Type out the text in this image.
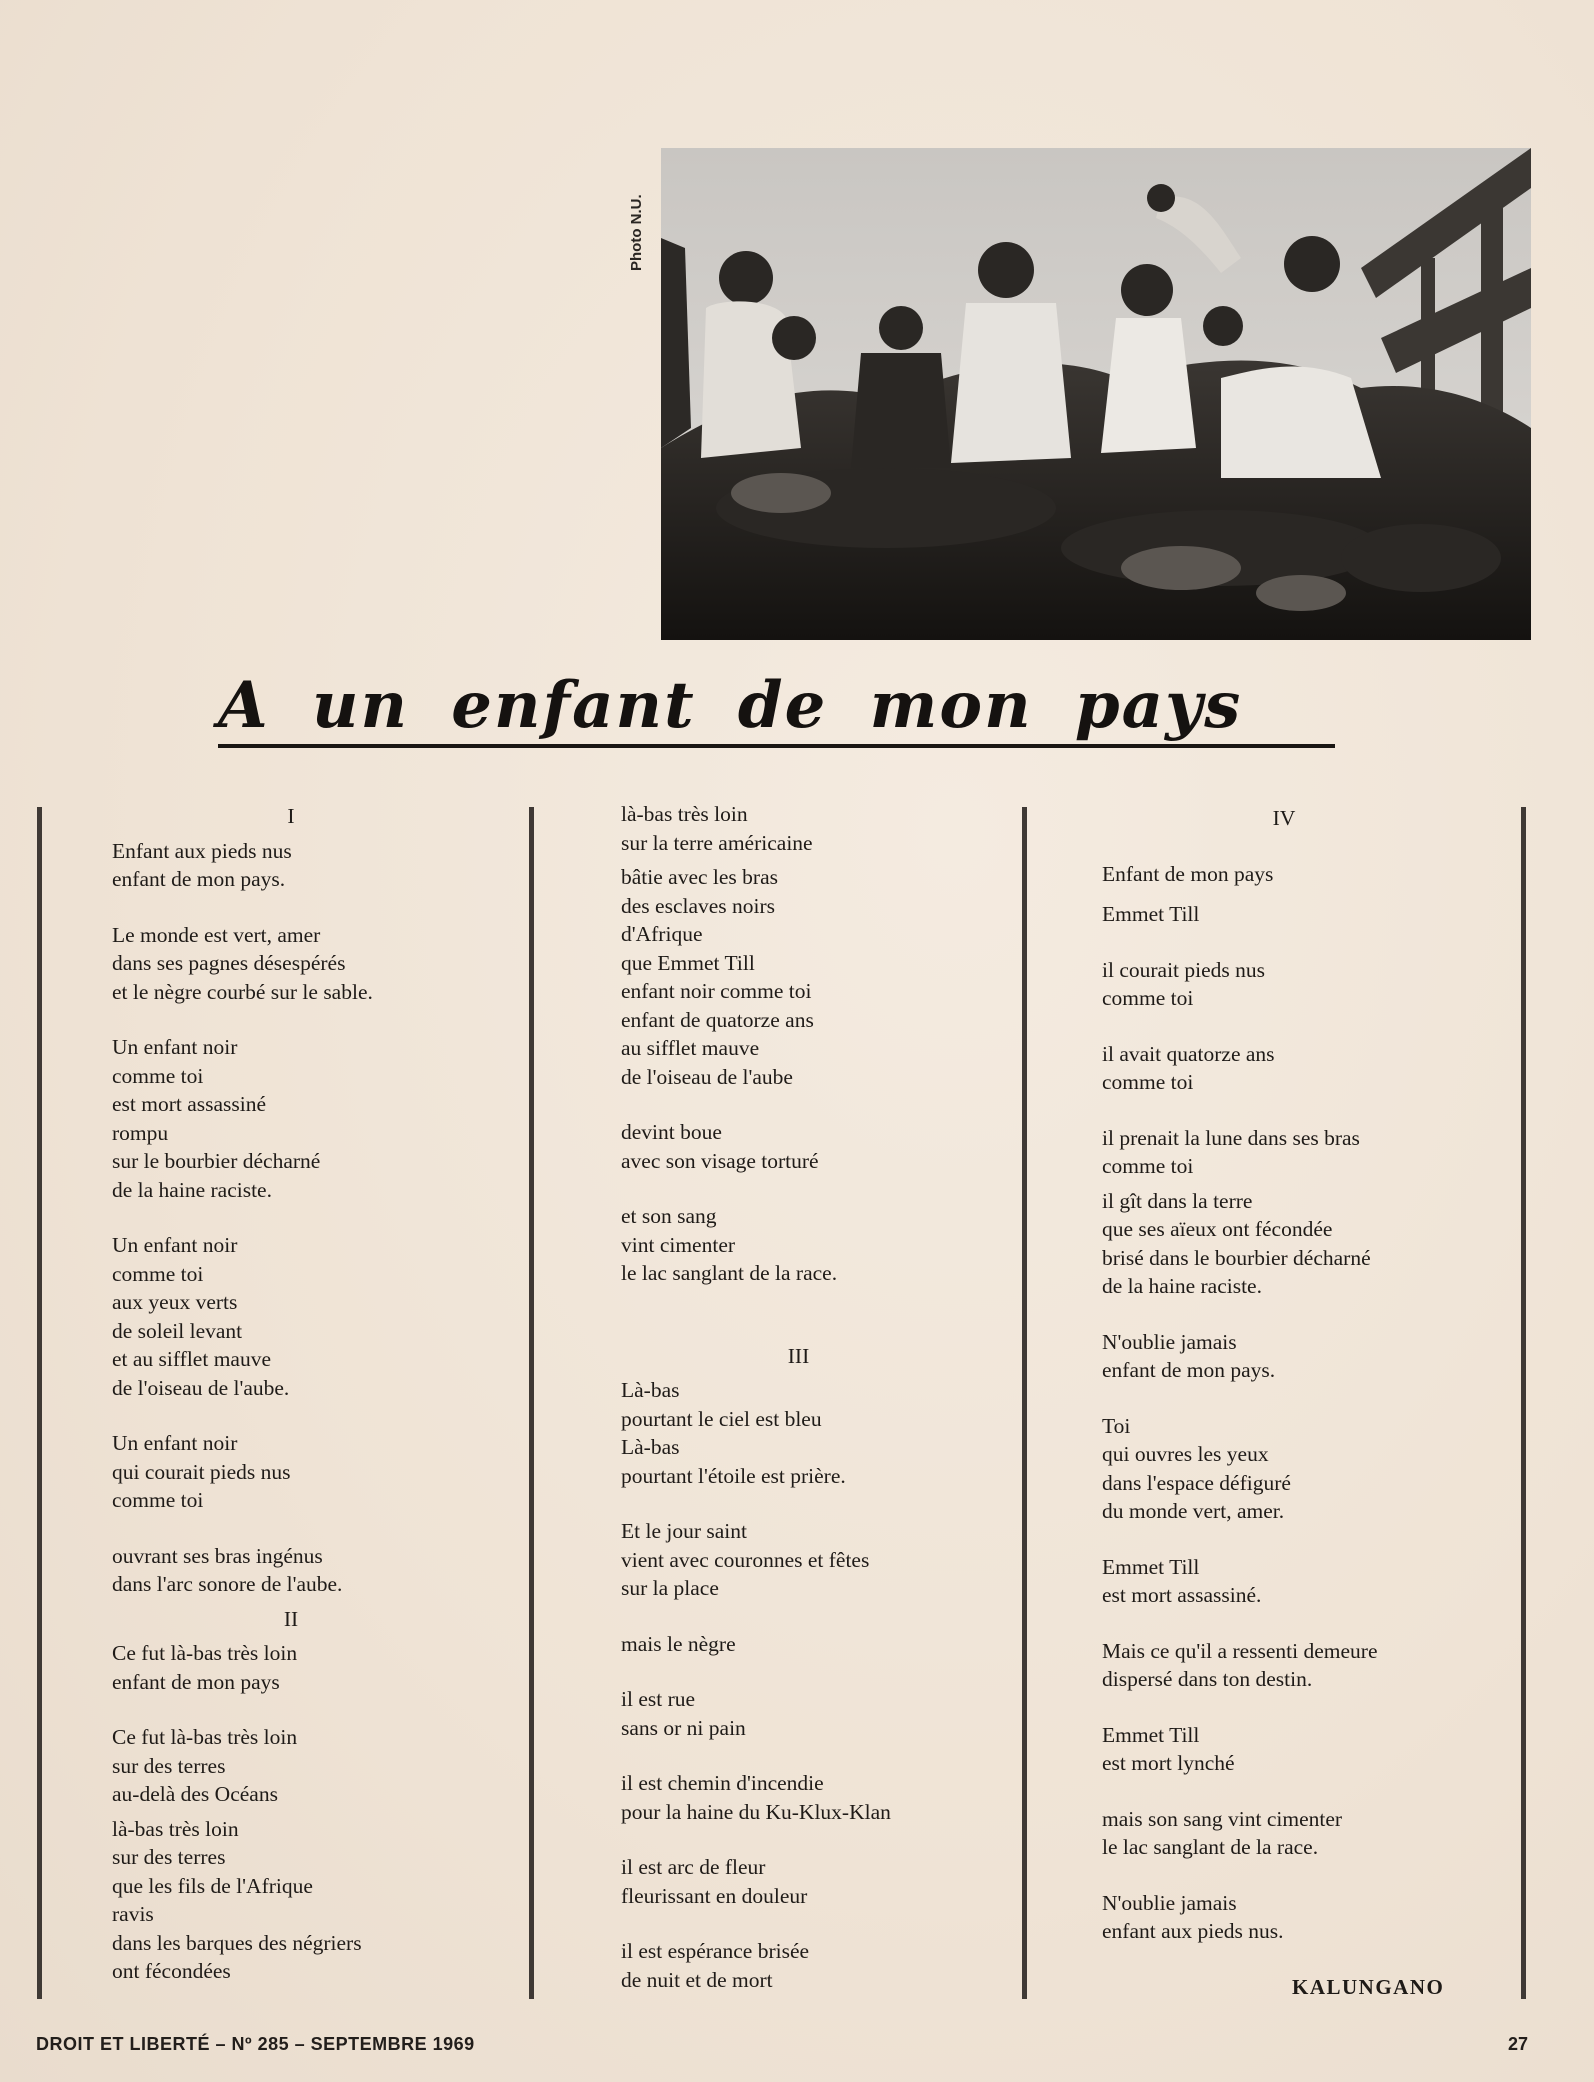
Photo N.U.
A un enfant de mon pays
I
Enfant aux pieds nus
enfant de mon pays.
Le monde est vert, amer
dans ses pagnes désespérés
et le nègre courbé sur le sable.
Un enfant noir
comme toi
est mort assassiné
rompu
sur le bourbier décharné
de la haine raciste.
Un enfant noir
comme toi
aux yeux verts
de soleil levant
et au sifflet mauve
de l'oiseau de l'aube.
Un enfant noir
qui courait pieds nus
comme toi
ouvrant ses bras ingénus
dans l'arc sonore de l'aube.
II
Ce fut là-bas très loin
enfant de mon pays
Ce fut là-bas très loin
sur des terres
au-delà des Océans
là-bas très loin
sur des terres
que les fils de l'Afrique
ravis
dans les barques des négriers
ont fécondées
là-bas très loin
sur la terre américaine
bâtie avec les bras
des esclaves noirs
d'Afrique
que Emmet Till
enfant noir comme toi
enfant de quatorze ans
au sifflet mauve
de l'oiseau de l'aube
devint boue
avec son visage torturé
et son sang
vint cimenter
le lac sanglant de la race.
III
Là-bas
pourtant le ciel est bleu
Là-bas
pourtant l'étoile est prière.
Et le jour saint
vient avec couronnes et fêtes
sur la place
mais le nègre
il est rue
sans or ni pain
il est chemin d'incendie
pour la haine du Ku-Klux-Klan
il est arc de fleur
fleurissant en douleur
il est espérance brisée
de nuit et de mort
IV
Enfant de mon pays
Emmet Till
il courait pieds nus
comme toi
il avait quatorze ans
comme toi
il prenait la lune dans ses bras
comme toi
il gît dans la terre
que ses aïeux ont fécondée
brisé dans le bourbier décharné
de la haine raciste.
N'oublie jamais
enfant de mon pays.
Toi
qui ouvres les yeux
dans l'espace défiguré
du monde vert, amer.
Emmet Till
est mort assassiné.
Mais ce qu'il a ressenti demeure
dispersé dans ton destin.
Emmet Till
est mort lynché
mais son sang vint cimenter
le lac sanglant de la race.
N'oublie jamais
enfant aux pieds nus.
KALUNGANO
DROIT ET LIBERTÉ – Nº 285 – SEPTEMBRE 1969	27
